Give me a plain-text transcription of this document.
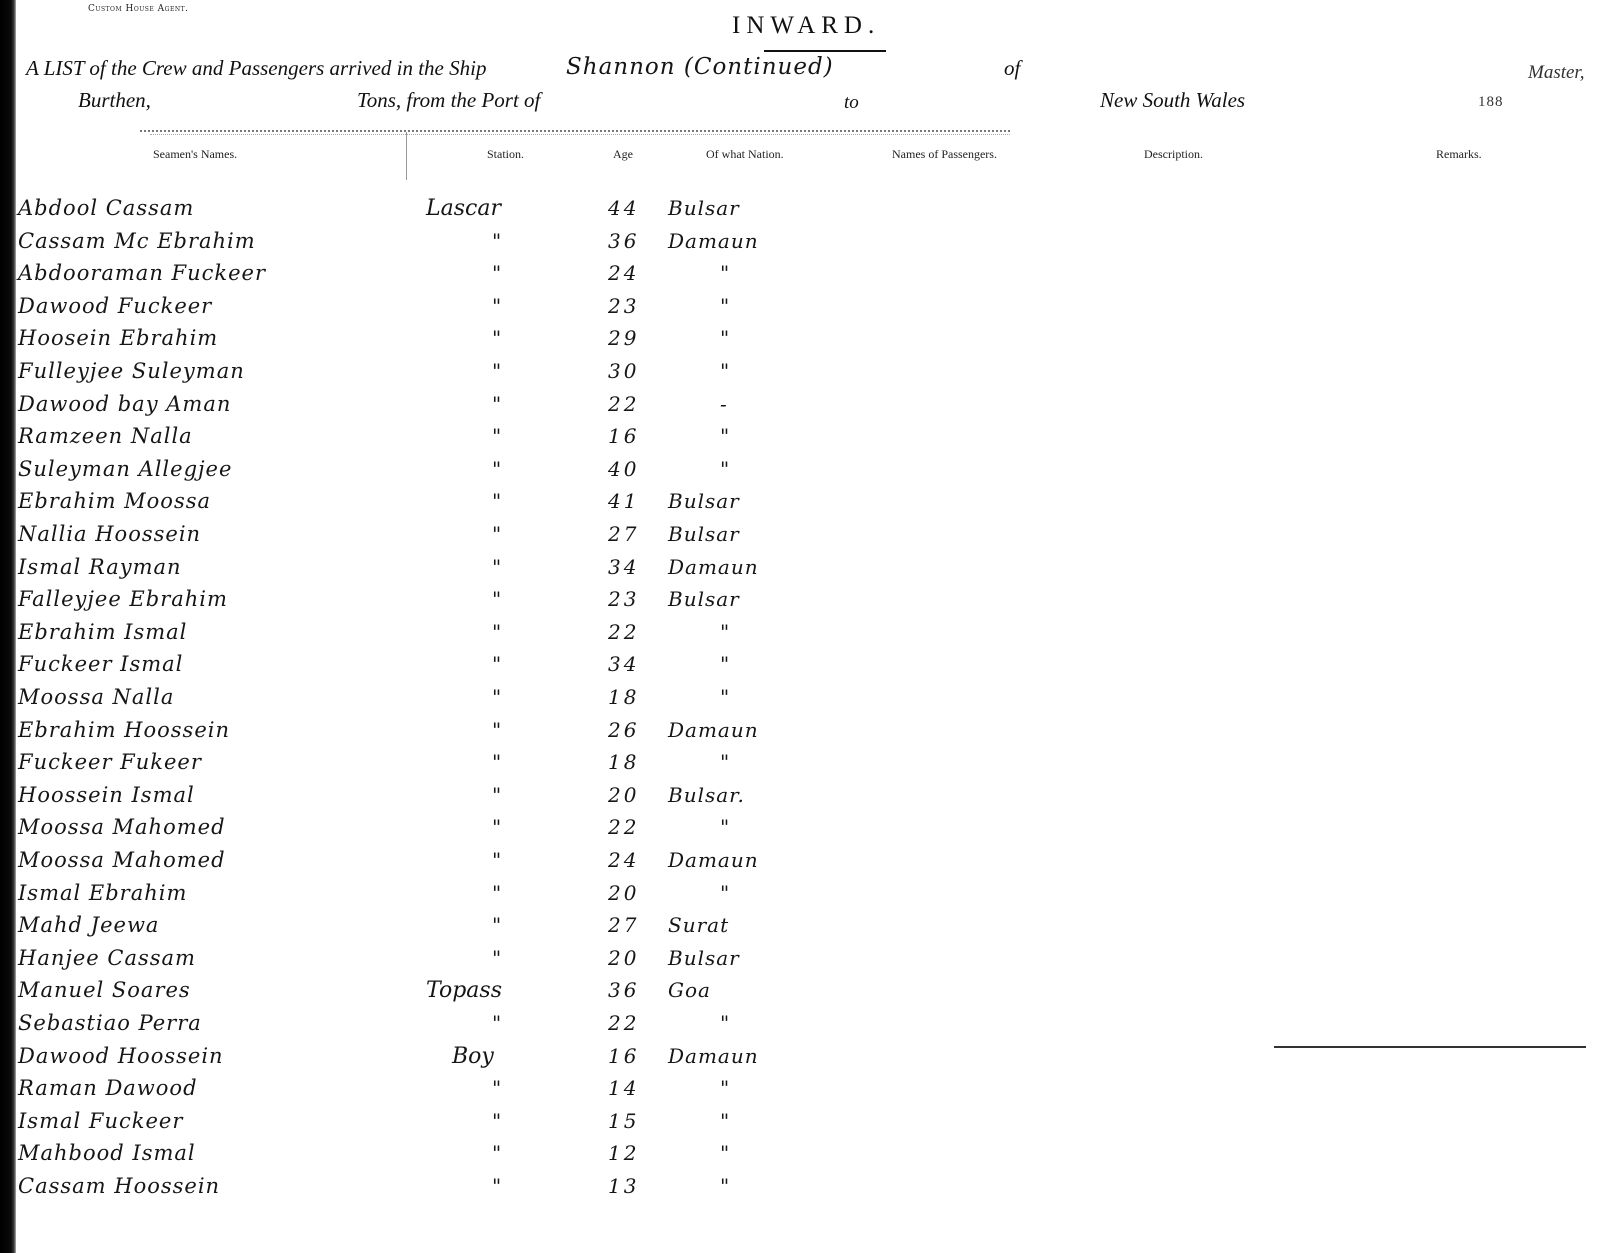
Custom House Agent.
INWARD.
A LIST of the Crew and Passengers arrived in the Ship	Shannon (Continued)	of	Master,
Burthen,	Tons, from the Port of	to	New South Wales	188
Seamen's Names.	Station.	Age	Of what Nation.	Names of Passengers.	Description.	Remarks.
Abdool Cassam	Lascar	44 Bulsar
Cassam Mc Ebrahim	"	36 Damaun
Abdooraman Fuckeer	"	24	"
Dawood Fuckeer	"	23	"
Hoosein Ebrahim	"	29	"
Fulleyjee Suleyman	"	30	"
Dawood bay Aman	"	22	-
Ramzeen Nalla	"	16	"
Suleyman Allegjee	"	40	"
Ebrahim Moossa	"	41 Bulsar
Nallia Hoossein	"	27 Bulsar
Ismal Rayman	"	34 Damaun
Falleyjee Ebrahim	"	23 Bulsar
Ebrahim Ismal	"	22	"
Fuckeer Ismal	"	34	"
Moossa Nalla	"	18	"
Ebrahim Hoossein	"	26 Damaun
Fuckeer Fukeer	"	18	"
Hoossein Ismal	"	20 Bulsar.
Moossa Mahomed	"	22	"
Moossa Mahomed	"	24 Damaun
Ismal Ebrahim	"	20	"
Mahd Jeewa	"	27 Surat
Hanjee Cassam	"	20 Bulsar
Manuel Soares	Topass	36 Goa
Sebastiao Perra	"	22	"
Dawood Hoossein	Boy	16 Damaun
Raman Dawood	"	14	"
Ismal Fuckeer	"	15	"
Mahbood Ismal	"	12	"
Cassam Hoossein	"	13	"
